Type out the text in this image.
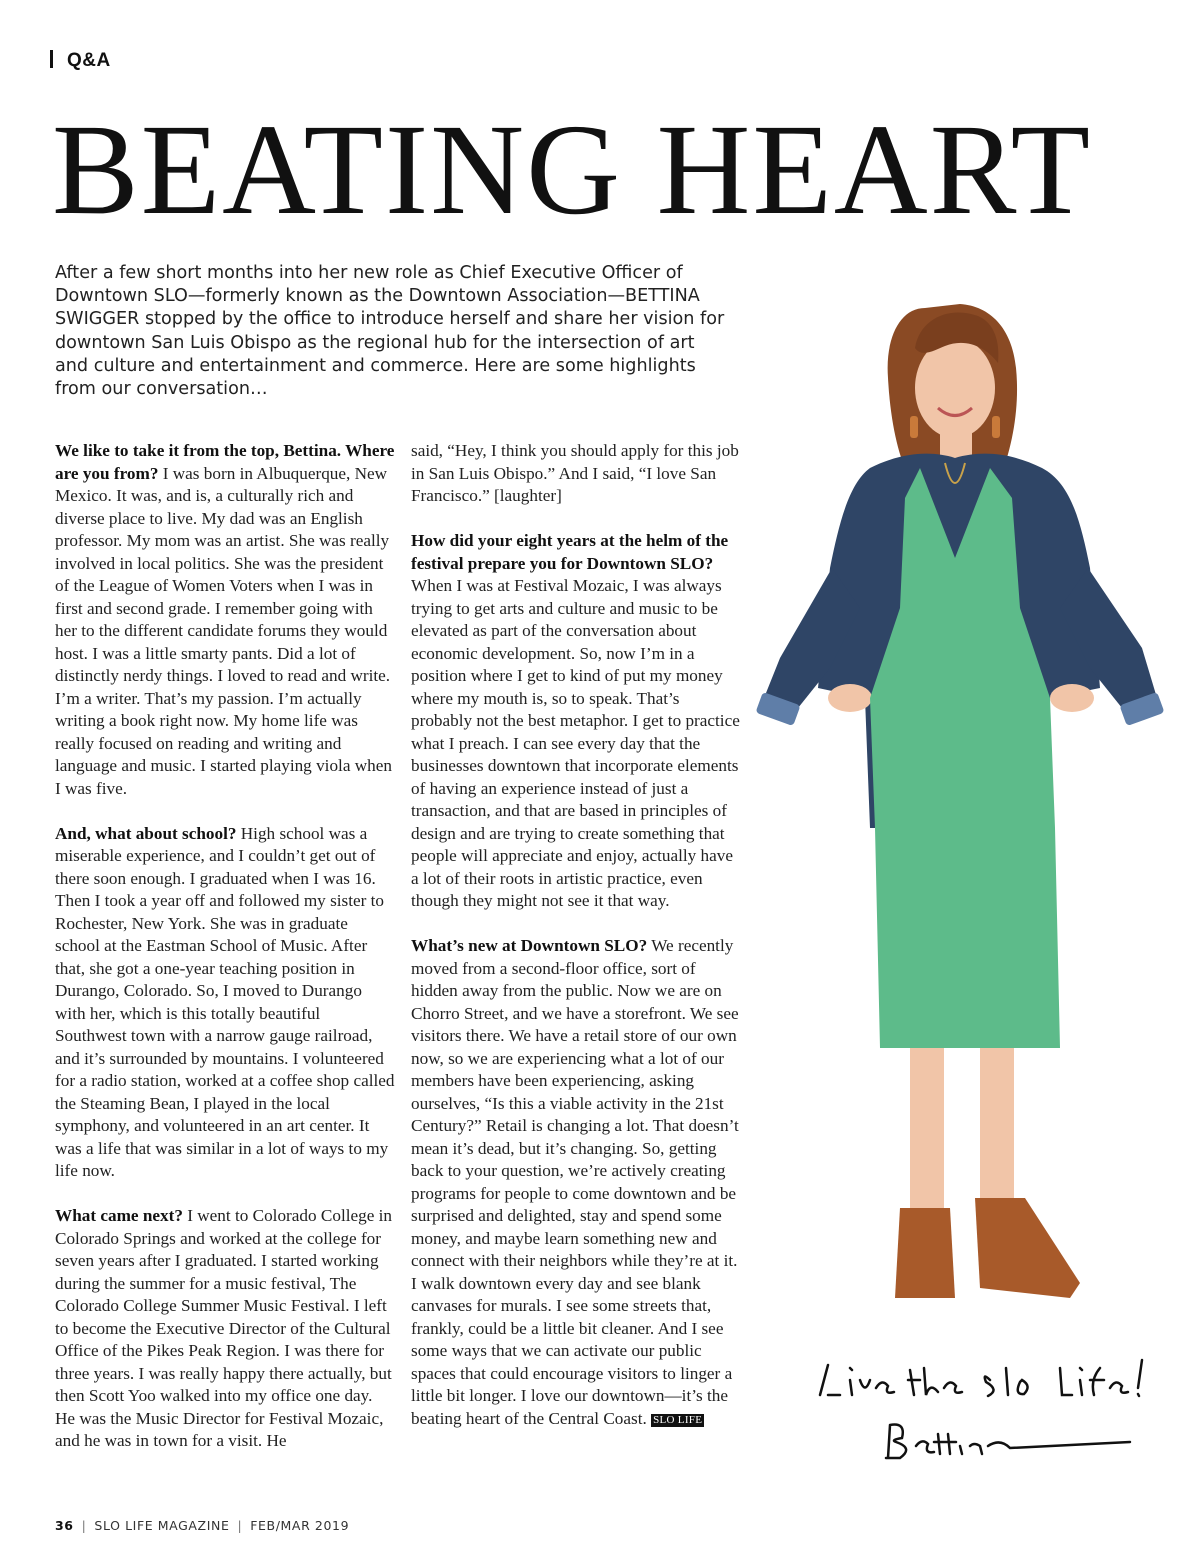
Q&A
BEATING HEART

After a few short months into her new role as Chief Executive Officer of Downtown SLO—formerly known as the Downtown Association—BETTINA SWIGGER stopped by the office to introduce herself and share her vision for downtown San Luis Obispo as the regional hub for the intersection of art and culture and entertainment and commerce. Here are some highlights from our conversation…

We like to take it from the top, Bettina. Where are you from? I was born in Albuquerque, New Mexico. It was, and is, a culturally rich and diverse place to live. My dad was an English professor. My mom was an artist. She was really involved in local politics. She was the president of the League of Women Voters when I was in first and second grade. I remember going with her to the different candidate forums they would host. I was a little smarty pants. Did a lot of distinctly nerdy things. I loved to read and write. I’m a writer. That’s my passion. I’m actually writing a book right now. My home life was really focused on reading and writing and language and music. I started playing viola when I was five.

And, what about school? High school was a miserable experience, and I couldn’t get out of there soon enough. I graduated when I was 16. Then I took a year off and followed my sister to Rochester, New York. She was in graduate school at the Eastman School of Music. After that, she got a one-year teaching position in Durango, Colorado. So, I moved to Durango with her, which is this totally beautiful Southwest town with a narrow gauge railroad, and it’s surrounded by mountains. I volunteered for a radio station, worked at a coffee shop called the Steaming Bean, I played in the local symphony, and volunteered in an art center. It was a life that was similar in a lot of ways to my life now.

What came next? I went to Colorado College in Colorado Springs and worked at the college for seven years after I graduated. I started working during the summer for a music festival, The Colorado College Summer Music Festival. I left to become the Executive Director of the Cultural Office of the Pikes Peak Region. I was there for three years. I was really happy there actually, but then Scott Yoo walked into my office one day. He was the Music Director for Festival Mozaic, and he was in town for a visit. He

said, “Hey, I think you should apply for this job in San Luis Obispo.” And I said, “I love San Francisco.” [laughter]

How did your eight years at the helm of the festival prepare you for Downtown SLO? When I was at Festival Mozaic, I was always trying to get arts and culture and music to be elevated as part of the conversation about economic development. So, now I’m in a position where I get to kind of put my money where my mouth is, so to speak. That’s probably not the best metaphor. I get to practice what I preach. I can see every day that the businesses downtown that incorporate elements of having an experience instead of just a transaction, and that are based in principles of design and are trying to create something that people will appreciate and enjoy, actually have a lot of their roots in artistic practice, even though they might not see it that way.

What’s new at Downtown SLO? We recently moved from a second-floor office, sort of hidden away from the public. Now we are on Chorro Street, and we have a storefront. We see visitors there. We have a retail store of our own now, so we are experiencing what a lot of our members have been experiencing, asking ourselves, “Is this a viable activity in the 21st Century?” Retail is changing a lot. That doesn’t mean it’s dead, but it’s changing. So, getting back to your question, we’re actively creating programs for people to come downtown and be surprised and delighted, stay and spend some money, and maybe learn something new and connect with their neighbors while they’re at it. I walk downtown every day and see blank canvases for murals. I see some streets that, frankly, could be a little bit cleaner. And I see some ways that we can activate our public spaces that could encourage visitors to linger a little bit longer. I love our downtown—it’s the beating heart of the Central Coast. SLO LIFE

36 | SLO LIFE MAGAZINE | FEB/MAR 2019
